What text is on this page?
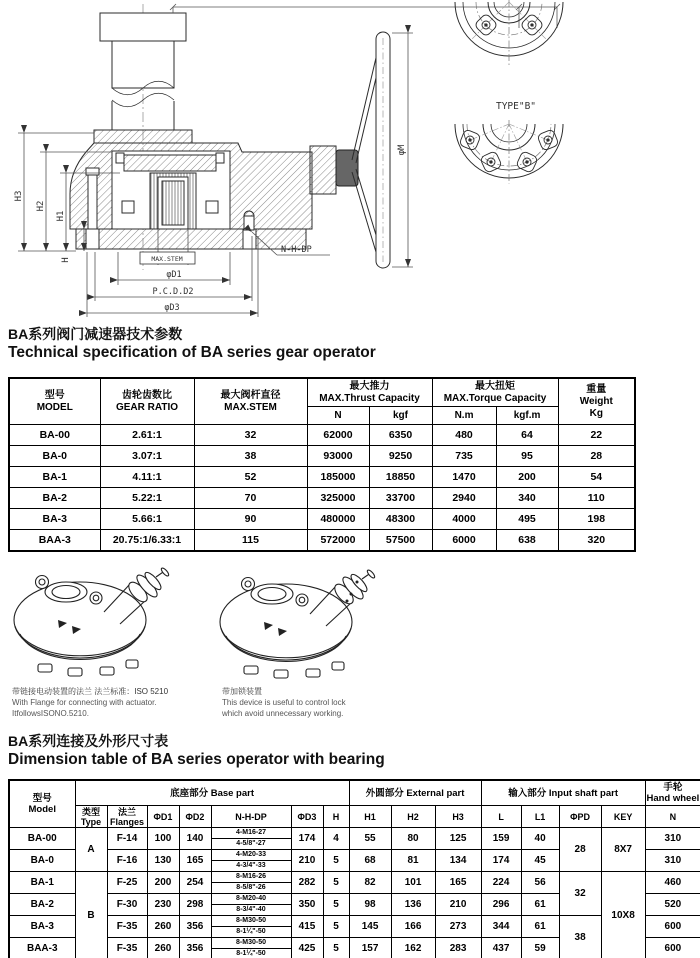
H3
H2
H1
H	MAX.STEM
φD1
P.C.D.D2
φD3
N-H-DP
φM
TYPE"B"
BA系列阀门减速器技术参数
Technical specification of BA series gear operator
型号
MODEL

齿轮齿数比
GEAR RATIO

最大阀杆直径
MAX.STEM

最大推力
MAX.Thrust Capacity

最大扭矩
MAX.Torque Capacity

重量
Weight
Kg

			N	kgf	N.m	kgf.m	

BA-00	2.61:1	32	62000	6350	480	64	22

BA-0	3.07:1	38	93000	9250	735	95	28

BA-1	4.11:1	52	185000	18850	1470	200	54

BA-2	5.22:1	70	325000	33700	2940	340	110

BA-3	5.66:1	90	480000	48300	4000	495	198

BAA-3	20.75:1/6.33:1	115	572000	57500	6000	638	320
带链接电动装置的法兰 法兰标准：ISO 5210
With Flange for connecting with actuator.
ItfollowsISONO.5210.
带加锁装置
This device is useful to control lock
which avoid unnecessary working.
BA系列连接及外形尺寸表
Dimension table of BA series operator with bearing
型号
Model

底座部分 Base part	外圆部分 External part	输入部分 Input shaft part	手轮
Hand wheel

类型
Type

法兰
Flanges	ΦD1	ΦD2	N-H-DP	ΦD3	H	H1	H2	H3	L	L1	ΦPD	KEY	N

BA-00	A	F-14	100	140	4-M16-27
4-5/8"-27	174	4	55	80	125	159	40	28	8X7	310

BA-0		F-16	130	165	4-M20-33
4-3/4"-33	210	5	68	81	134	174	45			310

BA-1	B	F-25	200	254	8-M16-26
8-5/8"-26	282	5	82	101	165	224	56	32	10X8	460

BA-2		F-30	230	298	8-M20-40
8-3/4"-40	350	5	98	136	210	296	61			520

BA-3		F-35	260	356	8-M30-50
8-1¼"-50	415	5	145	166	273	344	61	38		600

BAA-3		F-35	260	356	8-M30-50
8-1¼"-50	425	5	157	162	283	437	59			600
